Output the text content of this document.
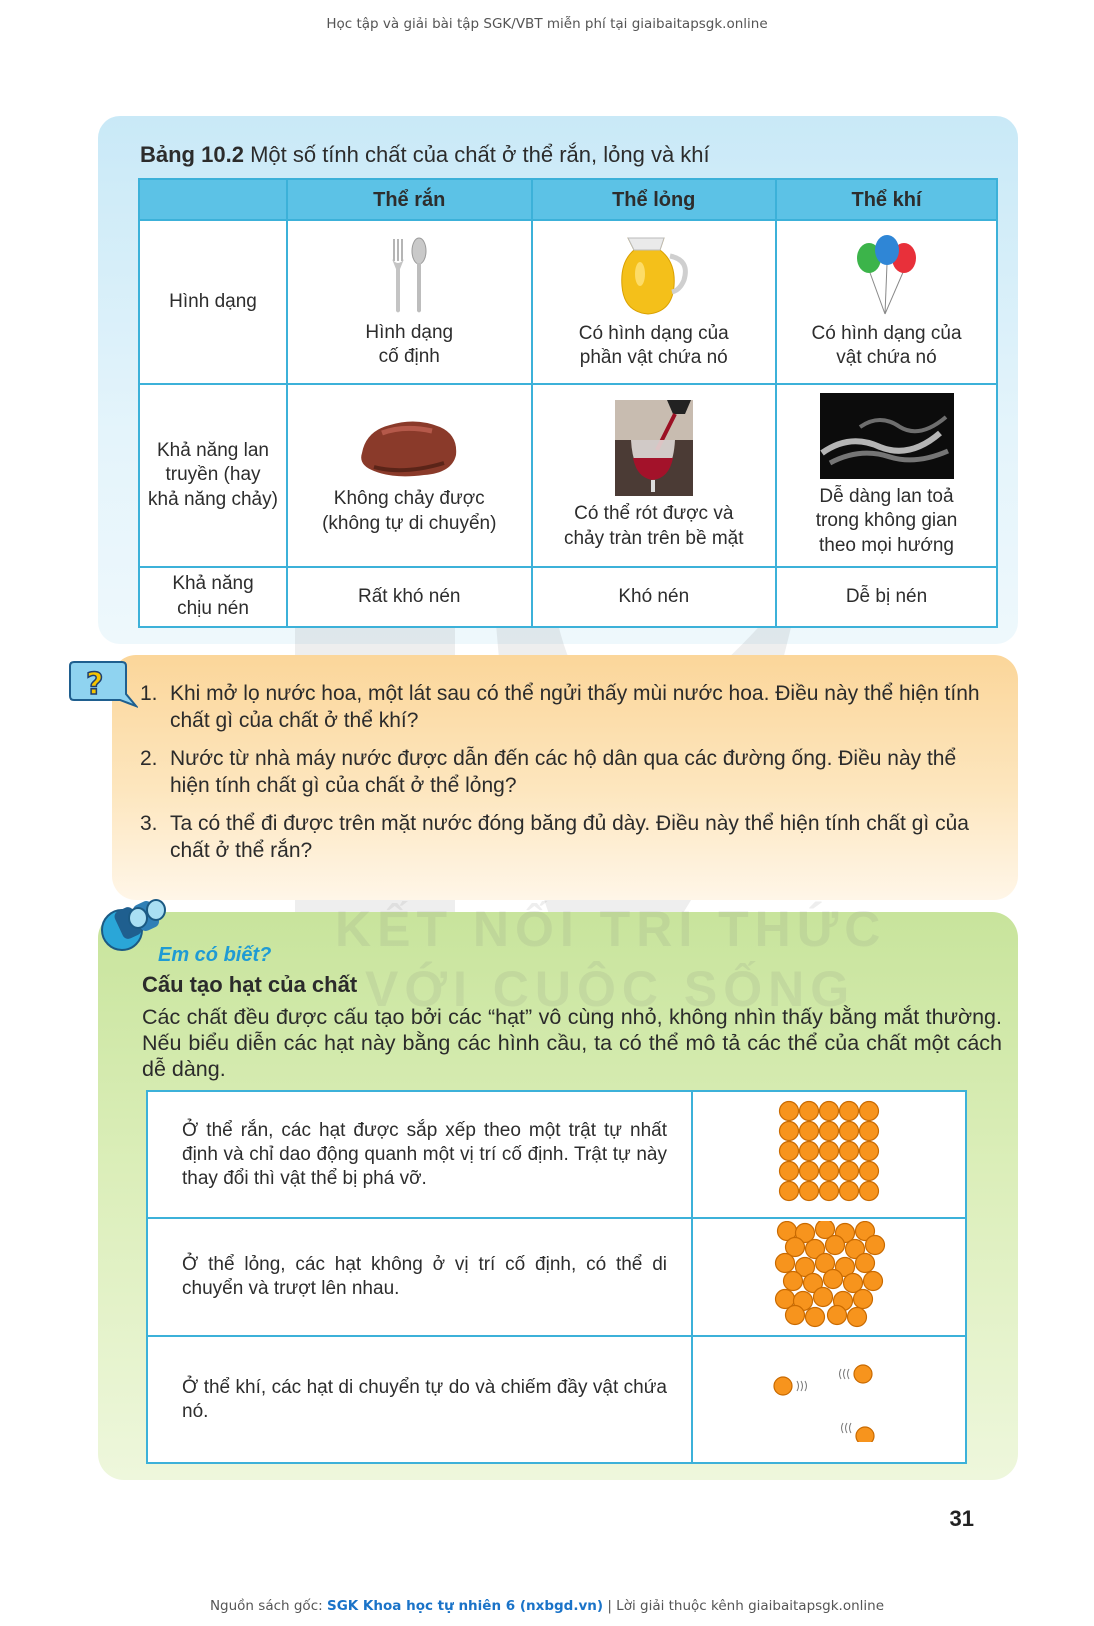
Học tập và giải bài tập SGK/VBT miễn phí tại giaibaitapsgk.online
Bảng 10.2 Một số tính chất của chất ở thể rắn, lỏng và khí
	Thể rắn	Thể lỏng	Thể khí
Hình dạng	Hình dạng cố định	Có hình dạng của phần vật chứa nó	Có hình dạng của vật chứa nó

Khả năng lan truyền (hay khả năng chảy)	Không chảy được (không tự di chuyển)	Có thể rót được và chảy tràn trên bề mặt	Dễ dàng lan toả trong không gian theo mọi hướng

Khả năng chịu nén	Rất khó nén	Khó nén	Dễ bị nén
? 1. Khi mở lọ nước hoa, một lát sau có thể ngửi thấy mùi nước hoa. Điều này thể hiện tính chất gì của chất ở thể khí?
2. Nước từ nhà máy nước được dẫn đến các hộ dân qua các đường ống. Điều này thể hiện tính chất gì của chất ở thể lỏng?
3. Ta có thể đi được trên mặt nước đóng băng đủ dày. Điều này thể hiện tính chất gì của chất ở thể rắn?
KẾT NỐI TRI THỨC
VỚI CUỘC SỐNG
Em có biết?
Cấu tạo hạt của chất
Các chất đều được cấu tạo bởi các “hạt” vô cùng nhỏ, không nhìn thấy bằng mắt thường. Nếu biểu diễn các hạt này bằng các hình cầu, ta có thể mô tả các thể của chất một cách dễ dàng.
Ở thể rắn, các hạt được sắp xếp theo một trật tự nhất định và chỉ dao động quanh một vị trí cố định. Trật tự này thay đổi thì vật thể bị phá vỡ.	
Ở thể lỏng, các hạt không ở vị trí cố định, có thể di chuyển và trượt lên nhau.	
Ở thể khí, các hạt di chuyển tự do và chiếm đầy vật chứa nó.	
31
Nguồn sách gốc: SGK Khoa học tự nhiên 6 (nxbgd.vn) | Lời giải thuộc kênh giaibaitapsgk.online
